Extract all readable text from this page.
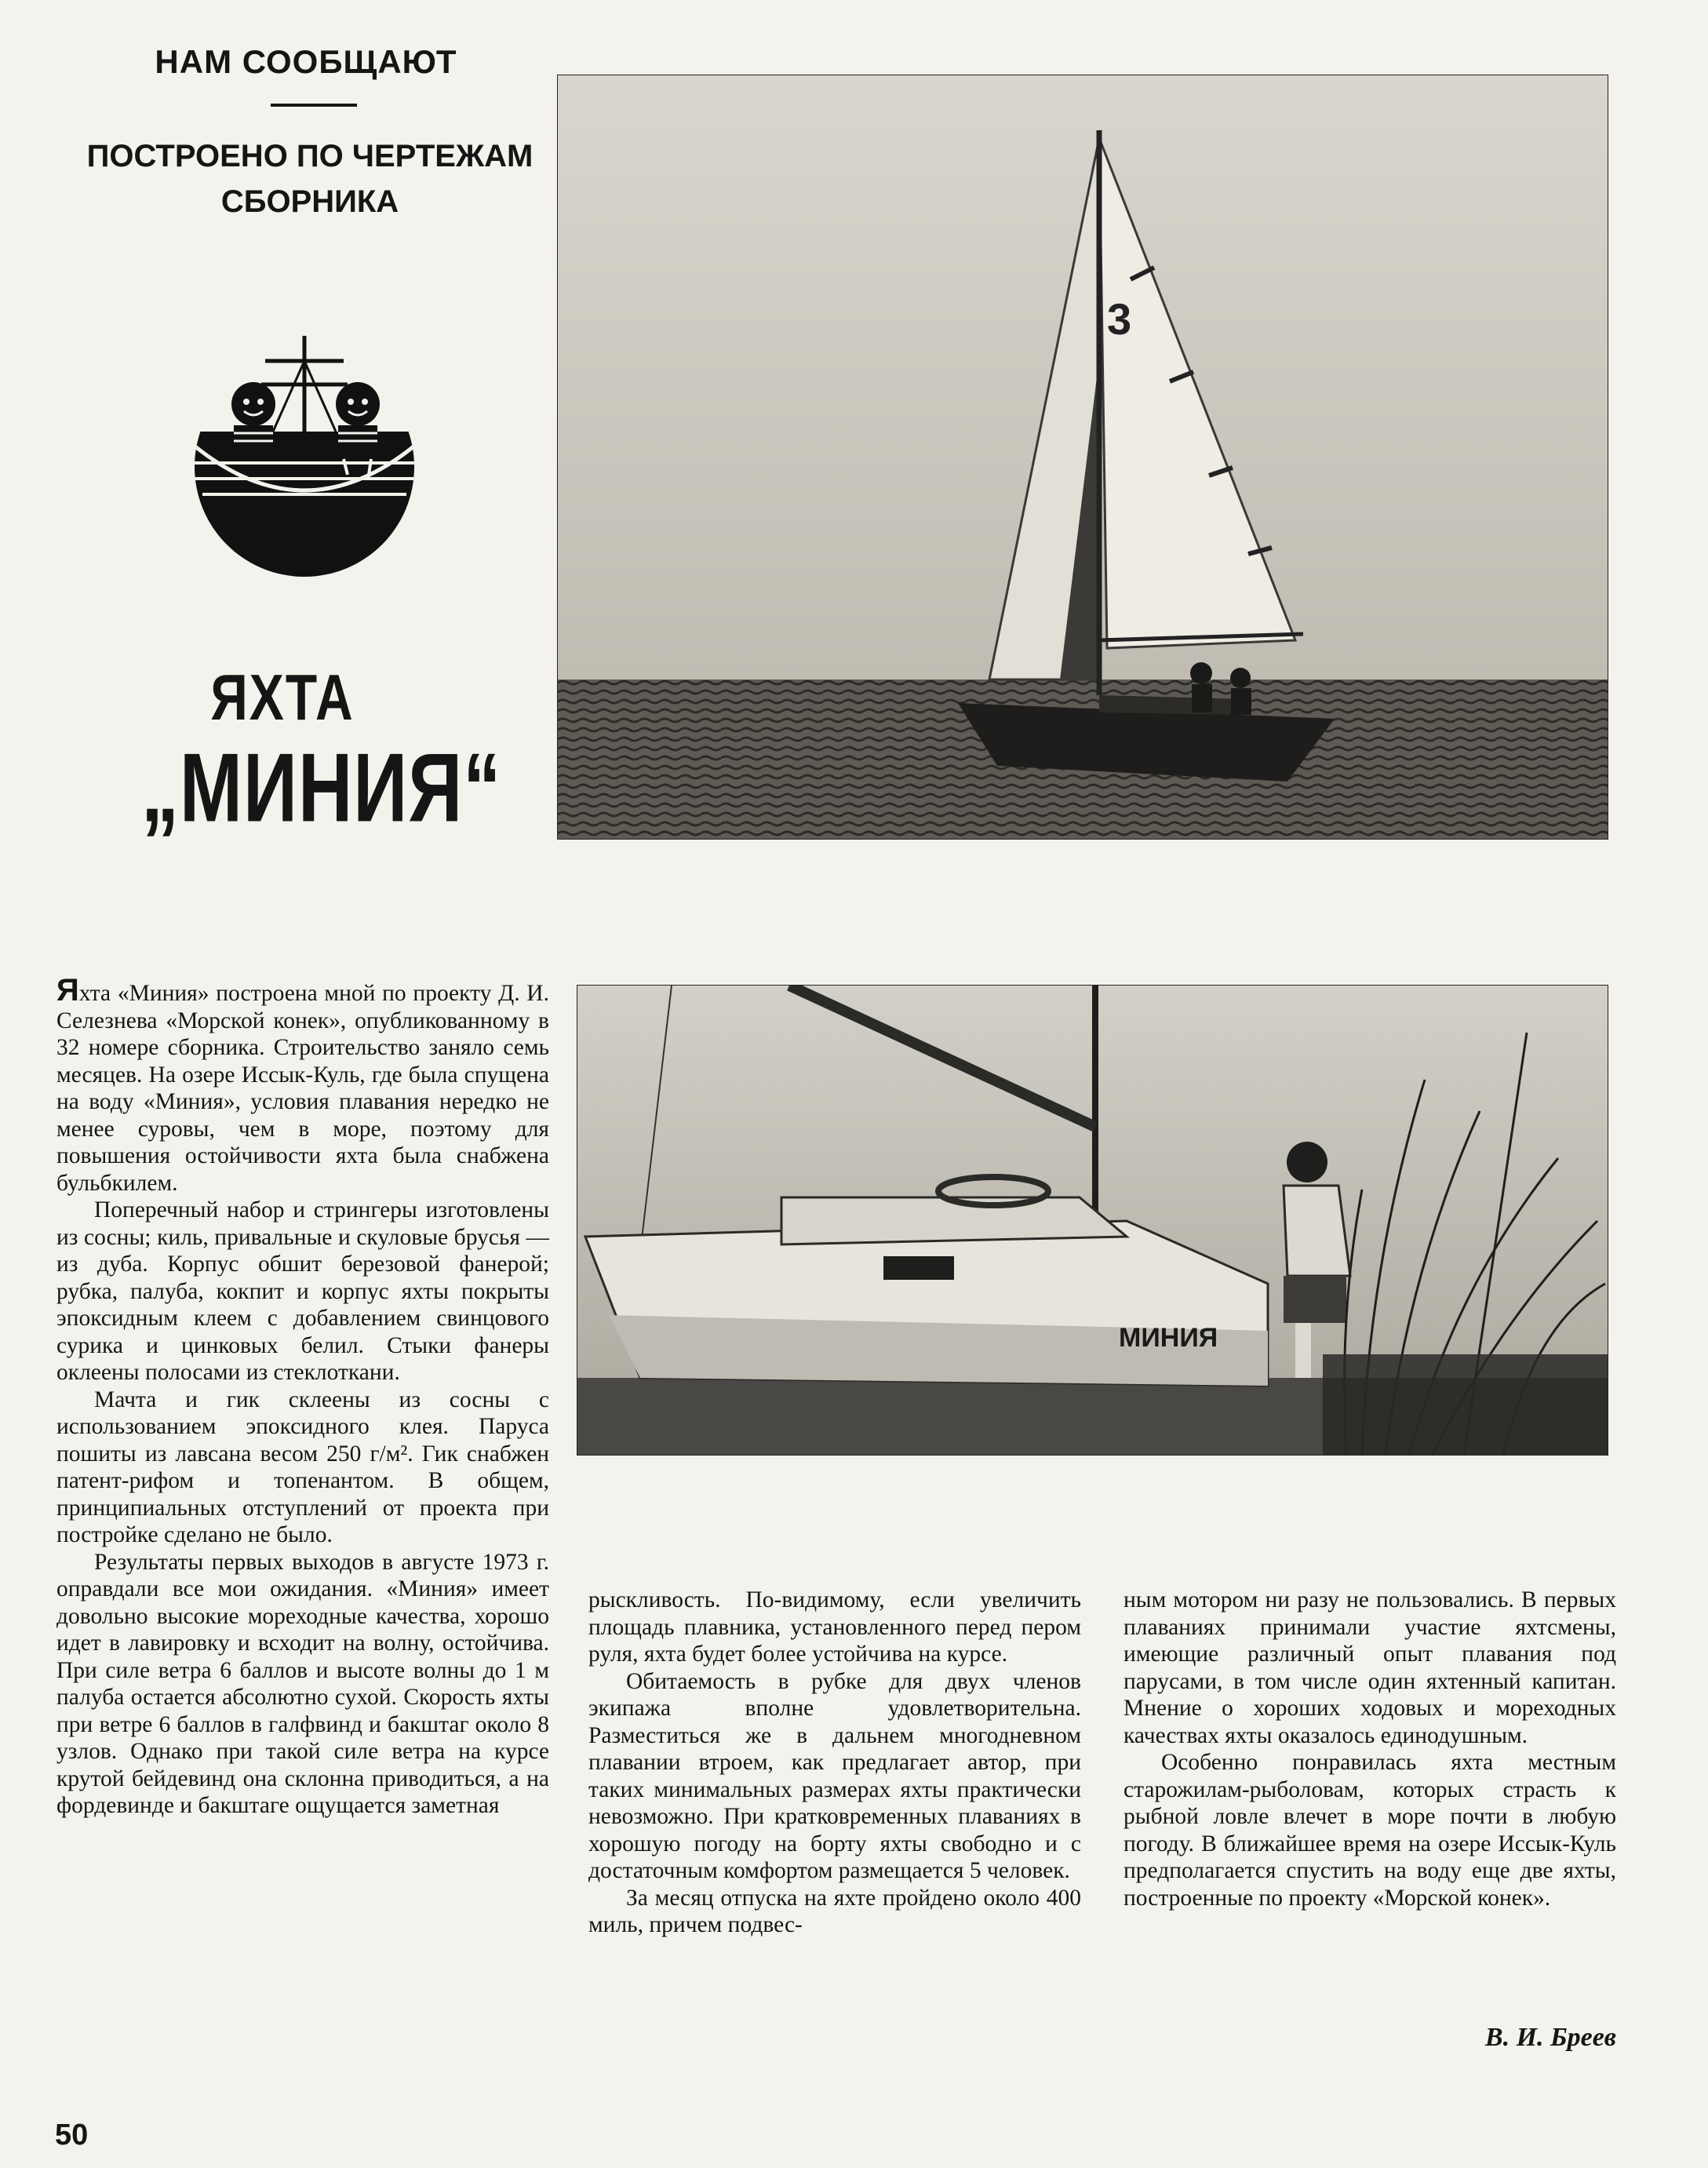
НАМ СООБЩАЮТ
ПОСТРОЕНО ПО ЧЕРТЕЖАМ
СБОРНИКА
ЯХТА
„МИНИЯ“
3
МИНИЯ

Яхта «Миния» построена мной по проекту Д. И. Селезнева «Морской конек», опубликованному в 32 номере сборника. Строительство заняло семь месяцев. На озере Иссык-Куль, где была спущена на воду «Миния», условия плавания нередко не менее суровы, чем в море, поэтому для повышения остойчивости яхта была снабжена бульбкилем.

Поперечный набор и стрингеры изготовлены из сосны; киль, привальные и скуловые брусья — из дуба. Корпус обшит березовой фанерой; рубка, палуба, кокпит и корпус яхты покрыты эпоксидным клеем с добавлением свинцового сурика и цинковых белил. Стыки фанеры оклеены полосами из стеклоткани.

Мачта и гик склеены из сосны с использованием эпоксидного клея. Паруса пошиты из лавсана весом 250 г/м². Гик снабжен патент-рифом и топенантом. В общем, принципиальных отступлений от проекта при постройке сделано не было.

Результаты первых выходов в августе 1973 г. оправдали все мои ожидания. «Миния» имеет довольно высокие мореходные качества, хорошо идет в лавировку и всходит на волну, остойчива. При силе ветра 6 баллов и высоте волны до 1 м палуба остается абсолютно сухой. Скорость яхты при ветре 6 баллов в галфвинд и бакштаг около 8 узлов. Однако при такой силе ветра на курсе крутой бейдевинд она склонна приводиться, а на фордевинде и бакштаге ощущается заметная

рыскливость. По-видимому, если увеличить площадь плавника, установленного перед пером руля, яхта будет более устойчива на курсе.

Обитаемость в рубке для двух членов экипажа вполне удовлетворительна. Разместиться же в дальнем многодневном плавании втроем, как предлагает автор, при таких минимальных размерах яхты практически невозможно. При кратковременных плаваниях в хорошую погоду на борту яхты свободно и с достаточным комфортом размещается 5 человек.

За месяц отпуска на яхте пройдено около 400 миль, причем подвес-

ным мотором ни разу не пользовались. В первых плаваниях принимали участие яхтсмены, имеющие различный опыт плавания под парусами, в том числе один яхтенный капитан. Мнение о хороших ходовых и мореходных качествах яхты оказалось единодушным.

Особенно понравилась яхта местным старожилам-рыболовам, которых страсть к рыбной ловле влечет в море почти в любую погоду. В ближайшее время на озере Иссык-Куль предполагается спустить на воду еще две яхты, построенные по проекту «Морской конек».

В. И. Бреев
50
